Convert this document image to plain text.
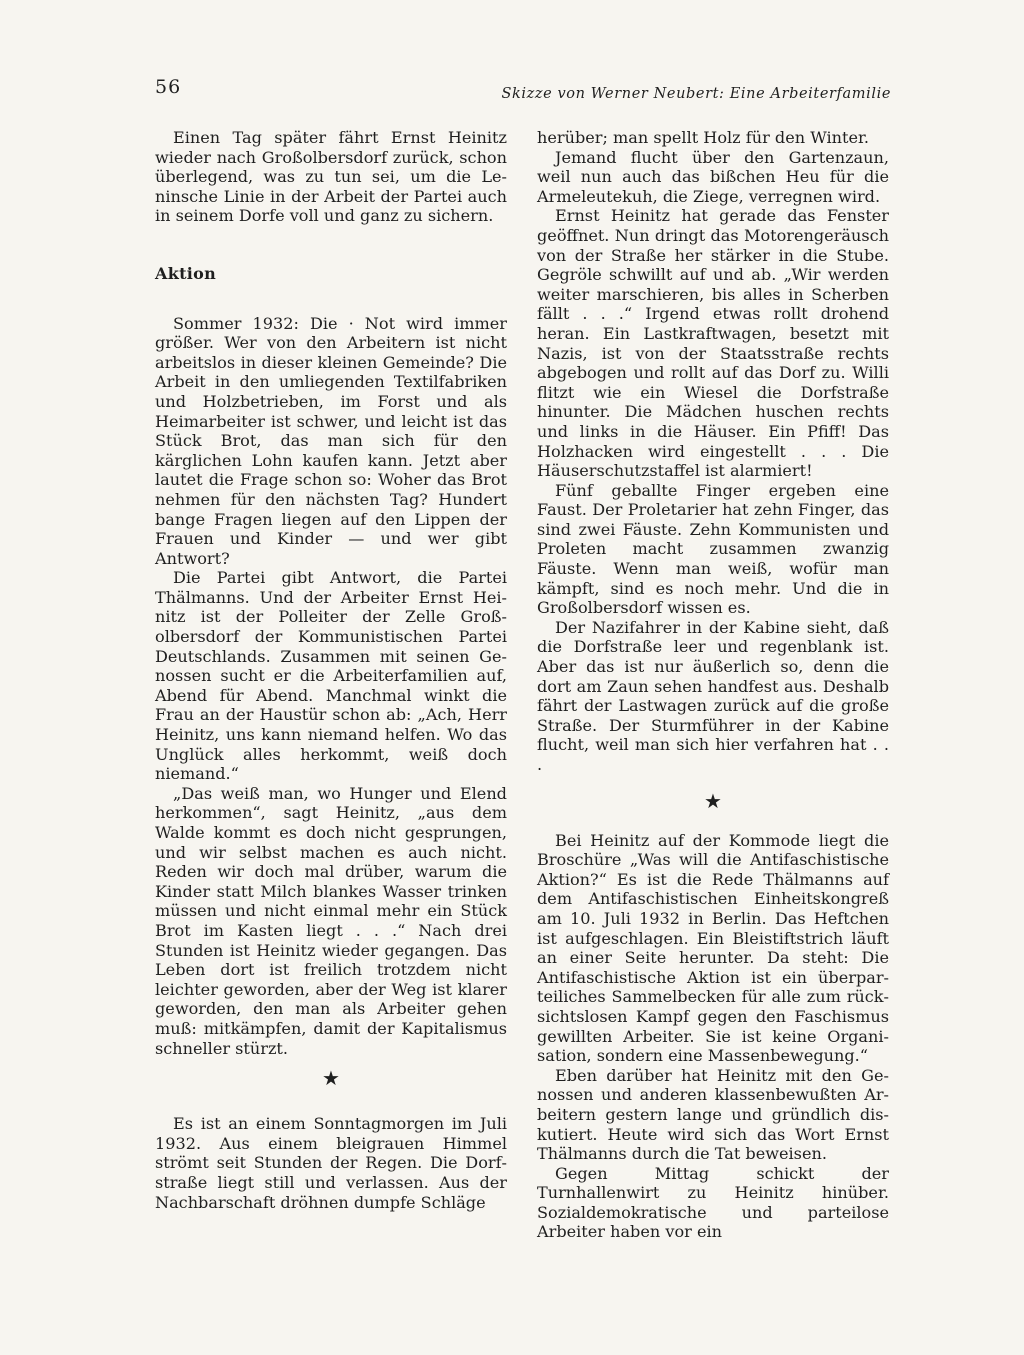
56	Skizze von Werner Neubert: Eine Arbeiterfamilie

Einen Tag später fährt Ernst Heinitz wieder nach Großolbersdorf zurück, schon überlegend, was zu tun sei, um die Leninsche Linie in der Arbeit der Partei auch in seinem Dorfe voll und ganz zu sichern.

Aktion

Sommer 1932: Die · Not wird immer größer. Wer von den Arbeitern ist nicht arbeitslos in dieser kleinen Gemeinde? Die Arbeit in den umliegenden Textilfabriken und Holzbetrieben, im Forst und als Heimarbeiter ist schwer, und leicht ist das Stück Brot, das man sich für den kärglichen Lohn kaufen kann. Jetzt aber lautet die Frage schon so: Woher das Brot nehmen für den nächsten Tag? Hundert bange Fragen liegen auf den Lippen der Frauen und Kinder — und wer gibt Antwort?

Die Partei gibt Antwort, die Partei Thälmanns. Und der Arbeiter Ernst Heinitz ist der Polleiter der Zelle Großolbersdorf der Kommunistischen Partei Deutschlands. Zusammen mit seinen Genossen sucht er die Arbeiterfamilien auf, Abend für Abend. Manchmal winkt die Frau an der Haustür schon ab: „Ach, Herr Heinitz, uns kann niemand helfen. Wo das Unglück alles herkommt, weiß doch niemand.“

„Das weiß man, wo Hunger und Elend herkommen“, sagt Heinitz, „aus dem Walde kommt es doch nicht gesprungen, und wir selbst machen es auch nicht. Reden wir doch mal drüber, warum die Kinder statt Milch blankes Wasser trinken müssen und nicht einmal mehr ein Stück Brot im Kasten liegt . . .“ Nach drei Stunden ist Heinitz wieder gegangen. Das Leben dort ist freilich trotzdem nicht leichter geworden, aber der Weg ist klarer geworden, den man als Arbeiter gehen muß: mitkämpfen, damit der Kapitalismus schneller stürzt.

★

Es ist an einem Sonntagmorgen im Juli 1932. Aus einem bleigrauen Himmel strömt seit Stunden der Regen. Die Dorfstraße liegt still und verlassen. Aus der Nachbarschaft dröhnen dumpfe Schläge

herüber; man spellt Holz für den Winter.

Jemand flucht über den Gartenzaun, weil nun auch das bißchen Heu für die Armeleutekuh, die Ziege, verregnen wird.

Ernst Heinitz hat gerade das Fenster geöffnet. Nun dringt das Motorengeräusch von der Straße her stärker in die Stube. Gegröle schwillt auf und ab. „Wir werden weiter marschieren, bis alles in Scherben fällt . . .“ Irgend etwas rollt drohend heran. Ein Lastkraftwagen, besetzt mit Nazis, ist von der Staatsstraße rechts abgebogen und rollt auf das Dorf zu. Willi flitzt wie ein Wiesel die Dorfstraße hinunter. Die Mädchen huschen rechts und links in die Häuser. Ein Pfiff! Das Holzhacken wird eingestellt . . . Die Häuserschutzstaffel ist alarmiert!

Fünf geballte Finger ergeben eine Faust. Der Proletarier hat zehn Finger, das sind zwei Fäuste. Zehn Kommunisten und Proleten macht zusammen zwanzig Fäuste. Wenn man weiß, wofür man kämpft, sind es noch mehr. Und die in Großolbersdorf wissen es.

Der Nazifahrer in der Kabine sieht, daß die Dorfstraße leer und regenblank ist. Aber das ist nur äußerlich so, denn die dort am Zaun sehen handfest aus. Deshalb fährt der Lastwagen zurück auf die große Straße. Der Sturmführer in der Kabine flucht, weil man sich hier verfahren hat . . .

★

Bei Heinitz auf der Kommode liegt die Broschüre „Was will die Antifaschistische Aktion?“ Es ist die Rede Thälmanns auf dem Antifaschistischen Einheitskongreß am 10. Juli 1932 in Berlin. Das Heftchen ist aufgeschlagen. Ein Bleistiftstrich läuft an einer Seite herunter. Da steht: Die Antifaschistische Aktion ist ein überparteiliches Sammelbecken für alle zum rücksichtslosen Kampf gegen den Faschismus gewillten Arbeiter. Sie ist keine Organisation, sondern eine Massenbewegung.“

Eben darüber hat Heinitz mit den Genossen und anderen klassenbewußten Arbeitern gestern lange und gründlich diskutiert. Heute wird sich das Wort Ernst Thälmanns durch die Tat beweisen.

Gegen Mittag schickt der Turnhallenwirt zu Heinitz hinüber. Sozialdemokratische und parteilose Arbeiter haben vor ein
